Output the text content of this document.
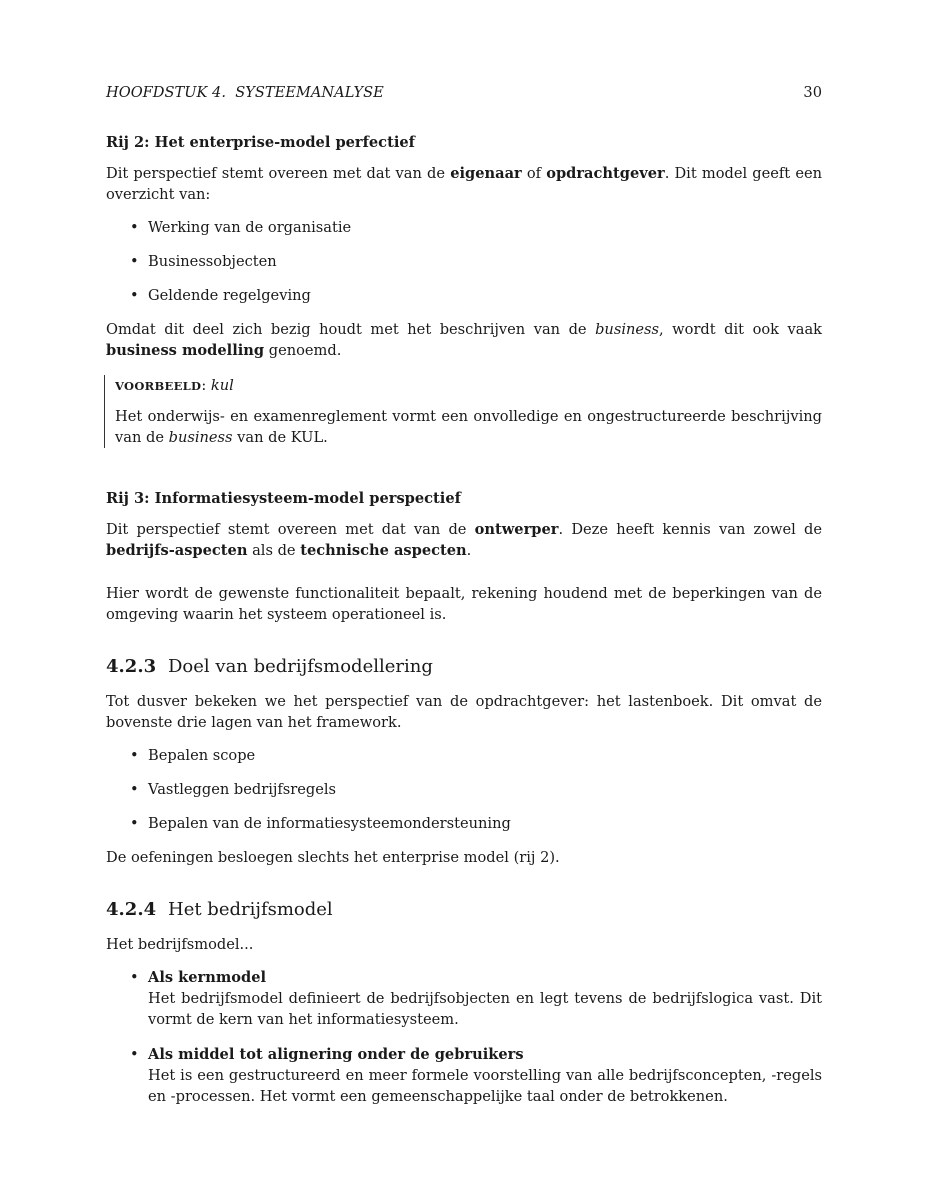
HOOFDSTUK 4.  SYSTEEMANALYSE	30
Rij 2: Het enterprise-model perfectief

Dit perspectief stemt overeen met dat van de eigenaar of opdrachtgever. Dit model geeft een overzicht van:

• Werking van de organisatie
• Businessobjecten
• Geldende regelgeving

Omdat dit deel zich bezig houdt met het beschrijven van de business, wordt dit ook vaak business modelling genoemd.

VOORBEELD: kul

Het onderwijs- en examenreglement vormt een onvolledige en ongestructureerde beschrijving van de business van de KUL.

Rij 3: Informatiesysteem-model perspectief

Dit perspectief stemt overeen met dat van de ontwerper. Deze heeft kennis van zowel de bedrijfs-aspecten als de technische aspecten.

Hier wordt de gewenste functionaliteit bepaalt, rekening houdend met de beperkingen van de omgeving waarin het systeem operationeel is.

4.2.3 Doel van bedrijfsmodellering

Tot dusver bekeken we het perspectief van de opdrachtgever: het lastenboek. Dit omvat de bovenste drie lagen van het framework.

• Bepalen scope
• Vastleggen bedrijfsregels
• Bepalen van de informatiesysteemondersteuning

De oefeningen besloegen slechts het enterprise model (rij 2).

4.2.4 Het bedrijfsmodel

Het bedrijfsmodel...

• Als kernmodel
Het bedrijfsmodel definieert de bedrijfsobjecten en legt tevens de bedrijfslogica vast. Dit vormt de kern van het informatiesysteem.
• Als middel tot alignering onder de gebruikers
Het is een gestructureerd en meer formele voorstelling van alle bedrijfsconcepten, -regels en -processen. Het vormt een gemeenschappelijke taal onder de betrokkenen.
